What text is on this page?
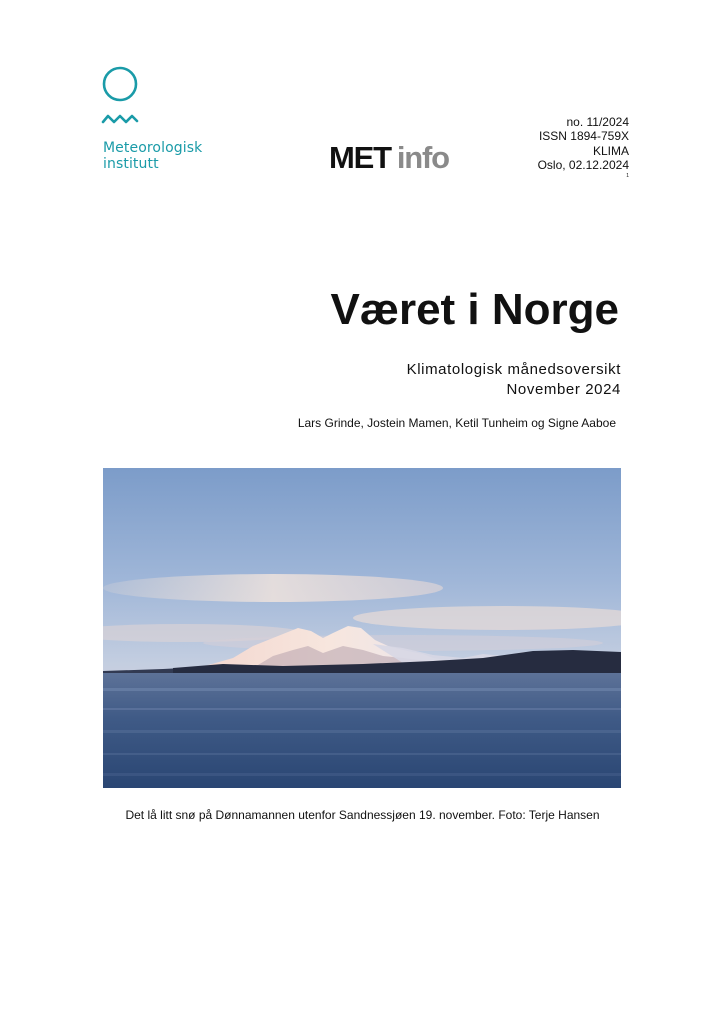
Meteorologisk
institutt	MET info
no. 11/2024
ISSN 1894-759X
KLIMA
Oslo, 02.12.2024
1
Været i Norge
Klimatologisk månedsoversikt
November 2024
Lars Grinde, Jostein Mamen, Ketil Tunheim og Signe Aaboe
Det lå litt snø på Dønnamannen utenfor Sandnessjøen 19. november. Foto: Terje Hansen
